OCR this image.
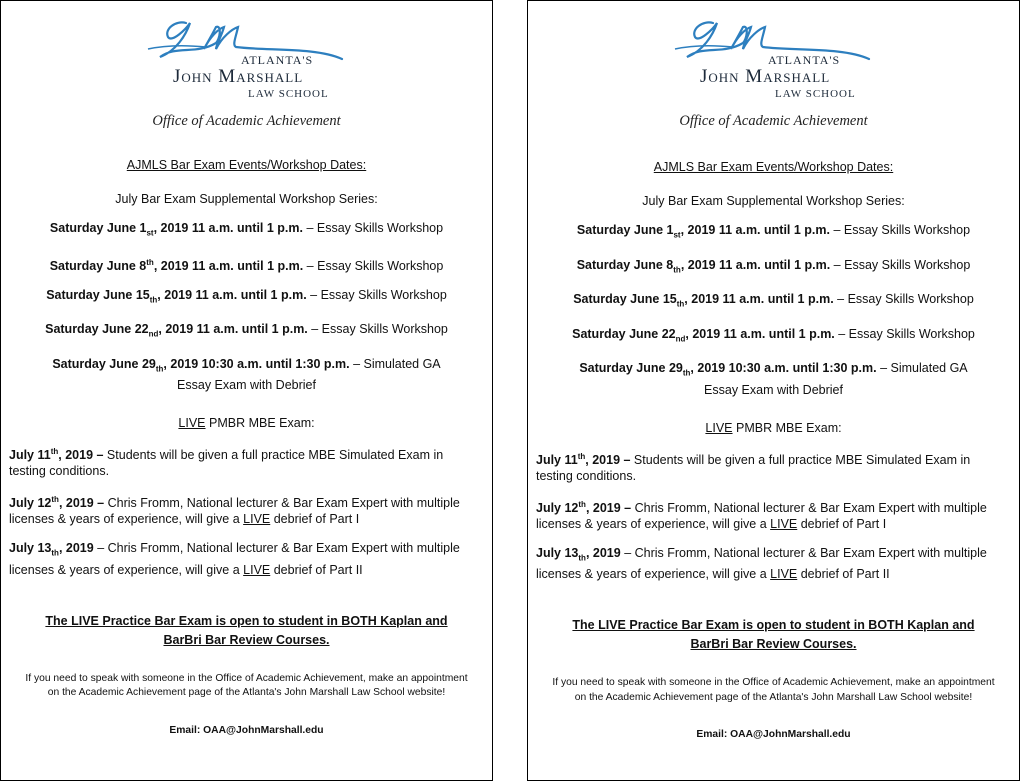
ATLANTA'S
John Marshall
LAW SCHOOL
Office of Academic Achievement
AJMLS Bar Exam Events/Workshop Dates:
July Bar Exam Supplemental Workshop Series:
Saturday June $1_{st}$, 2019 11 a.m. until 1 p.m. – Essay Skills Workshop
Saturday June 8th, 2019 11 a.m. until 1 p.m. – Essay Skills Workshop
Saturday June $15_{th}$, 2019 11 a.m. until 1 p.m. – Essay Skills Workshop
Saturday June $22_{nd}$, 2019 11 a.m. until 1 p.m. – Essay Skills Workshop
Saturday June $29_{th}$, 2019 10:30 a.m. until 1:30 p.m. – Simulated GA Essay Exam with Debrief
LIVE PMBR MBE Exam:
July 11th, 2019 – Students will be given a full practice MBE Simulated Exam in testing conditions.
July 12th, 2019 – Chris Fromm, National lecturer & Bar Exam Expert with multiple licenses & years of experience, will give a LIVE debrief of Part I
July $13_{th}$, 2019 – Chris Fromm, National lecturer & Bar Exam Expert with multiple licenses & years of experience, will give a LIVE debrief of Part II
The LIVE Practice Bar Exam is open to student in BOTH Kaplan and BarBri Bar Review Courses.
If you need to speak with someone in the Office of Academic Achievement, make an appointment on the Academic Achievement page of the Atlanta's John Marshall Law School website!
Email: OAA@JohnMarshall.edu
ATLANTA'S
John Marshall
LAW SCHOOL
Office of Academic Achievement
AJMLS Bar Exam Events/Workshop Dates:
July Bar Exam Supplemental Workshop Series:
Saturday June $1_{st}$, 2019 11 a.m. until 1 p.m. – Essay Skills Workshop
Saturday June $8_{th}$, 2019 11 a.m. until 1 p.m. – Essay Skills Workshop
Saturday June $15_{th}$, 2019 11 a.m. until 1 p.m. – Essay Skills Workshop
Saturday June $22_{nd}$, 2019 11 a.m. until 1 p.m. – Essay Skills Workshop
Saturday June $29_{th}$, 2019 10:30 a.m. until 1:30 p.m. – Simulated GA Essay Exam with Debrief
LIVE PMBR MBE Exam:
July 11th, 2019 – Students will be given a full practice MBE Simulated Exam in testing conditions.
July 12th, 2019 – Chris Fromm, National lecturer & Bar Exam Expert with multiple licenses & years of experience, will give a LIVE debrief of Part I
July $13_{th}$, 2019 – Chris Fromm, National lecturer & Bar Exam Expert with multiple licenses & years of experience, will give a LIVE debrief of Part II
The LIVE Practice Bar Exam is open to student in BOTH Kaplan and BarBri Bar Review Courses.
If you need to speak with someone in the Office of Academic Achievement, make an appointment on the Academic Achievement page of the Atlanta's John Marshall Law School website!
Email: OAA@JohnMarshall.edu
